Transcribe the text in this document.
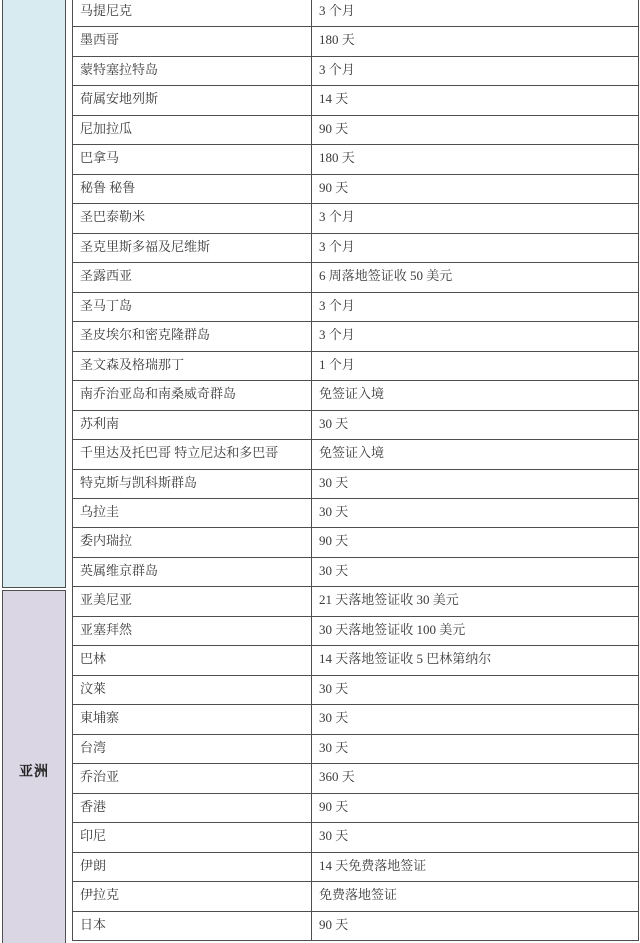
亚洲
马提尼克	3 个月
墨西哥	180 天
蒙特塞拉特岛	3 个月
荷属安地列斯	14 天
尼加拉瓜	90 天
巴拿马	180 天
秘鲁 秘鲁	90 天
圣巴泰勒米	3 个月
圣克里斯多福及尼维斯	3 个月
圣露西亚	6 周落地签证收 50 美元
圣马丁岛	3 个月
圣皮埃尔和密克隆群岛	3 个月
圣文森及格瑞那丁	1 个月
南乔治亚岛和南桑威奇群岛	免签证入境
苏利南	30 天
千里达及托巴哥 特立尼达和多巴哥	免签证入境
特克斯与凯科斯群岛	30 天
乌拉圭	30 天
委内瑞拉	90 天
英属维京群岛	30 天
亚美尼亚	21 天落地签证收 30 美元
亚塞拜然	30 天落地签证收 100 美元
巴林	14 天落地签证收 5 巴林第纳尔
汶萊	30 天
東埔寨	30 天
台湾	30 天
乔治亚	360 天
香港	90 天
印尼	30 天
伊朗	14 天免费落地签证
伊拉克	免费落地签证
日本	90 天
